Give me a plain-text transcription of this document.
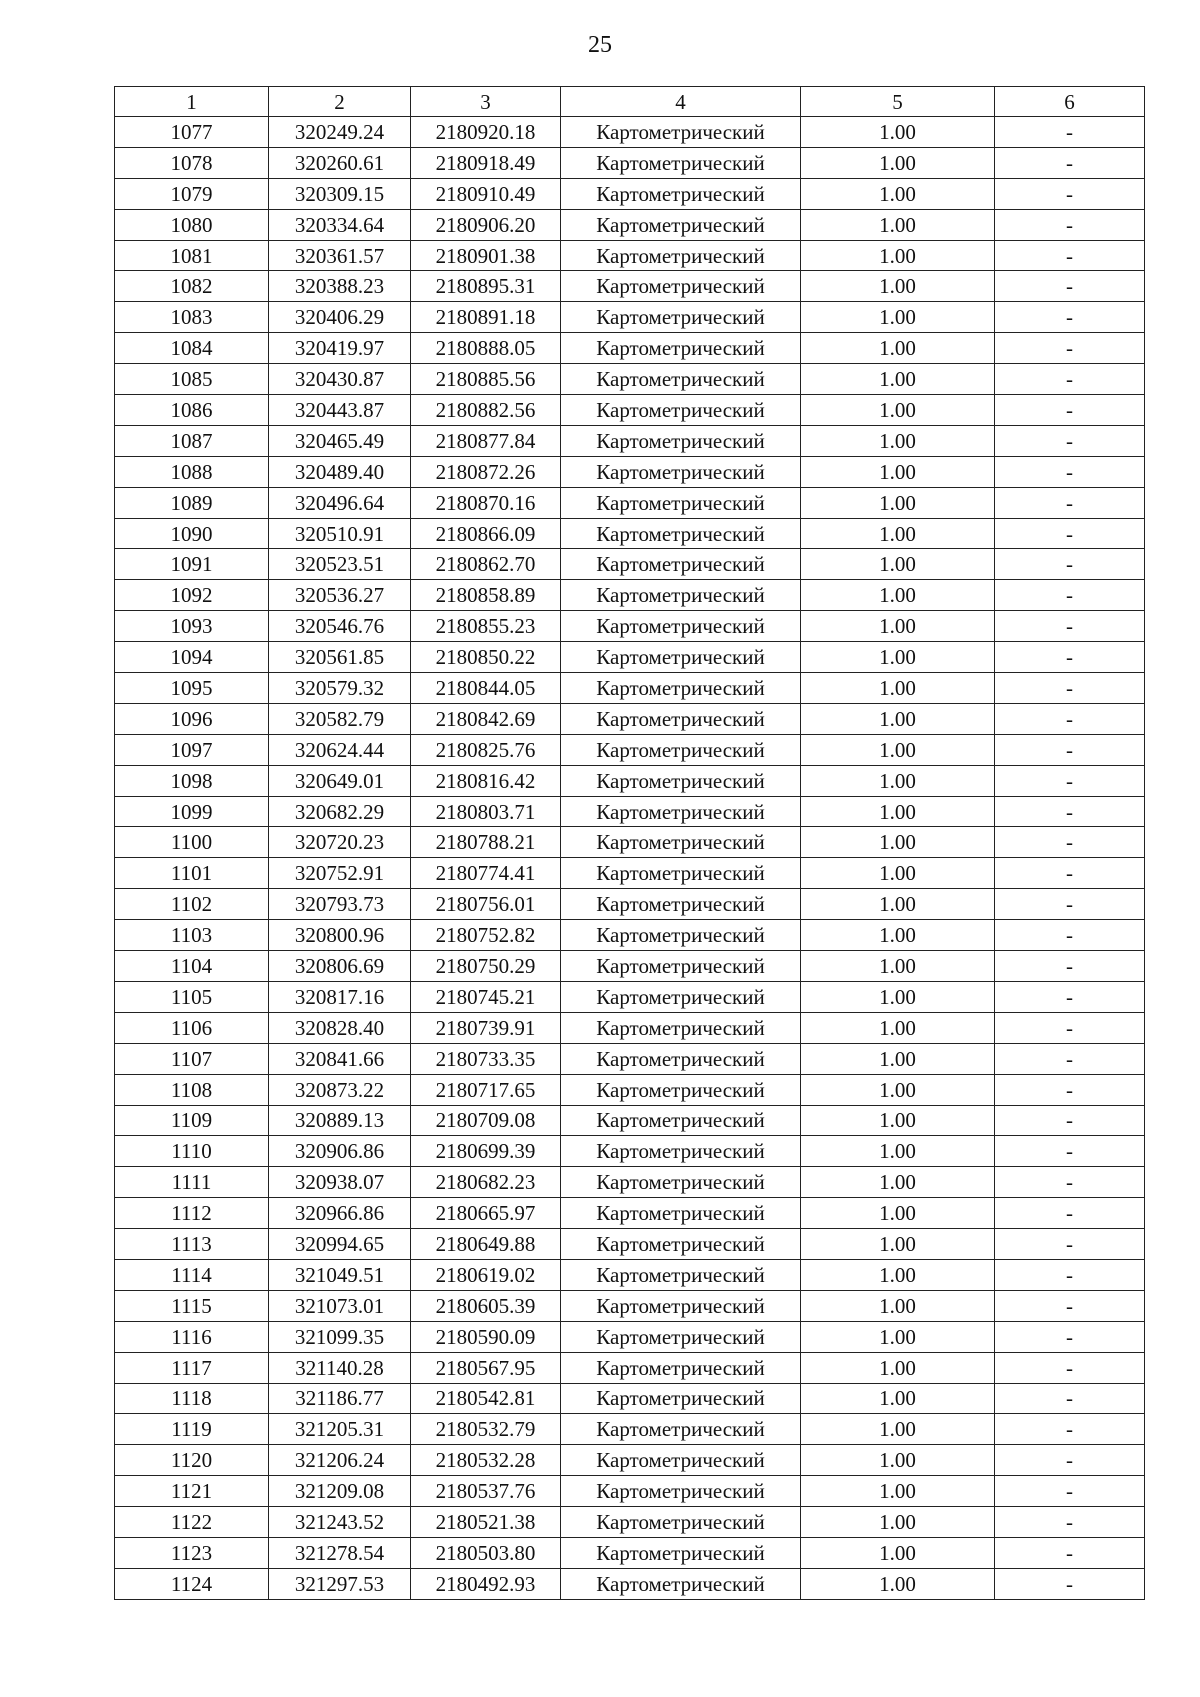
25
1	2	3	4	5	6
1077	320249.24	2180920.18	Картометрический	1.00	-
1078	320260.61	2180918.49	Картометрический	1.00	-
1079	320309.15	2180910.49	Картометрический	1.00	-
1080	320334.64	2180906.20	Картометрический	1.00	-
1081	320361.57	2180901.38	Картометрический	1.00	-
1082	320388.23	2180895.31	Картометрический	1.00	-
1083	320406.29	2180891.18	Картометрический	1.00	-
1084	320419.97	2180888.05	Картометрический	1.00	-
1085	320430.87	2180885.56	Картометрический	1.00	-
1086	320443.87	2180882.56	Картометрический	1.00	-
1087	320465.49	2180877.84	Картометрический	1.00	-
1088	320489.40	2180872.26	Картометрический	1.00	-
1089	320496.64	2180870.16	Картометрический	1.00	-
1090	320510.91	2180866.09	Картометрический	1.00	-
1091	320523.51	2180862.70	Картометрический	1.00	-
1092	320536.27	2180858.89	Картометрический	1.00	-
1093	320546.76	2180855.23	Картометрический	1.00	-
1094	320561.85	2180850.22	Картометрический	1.00	-
1095	320579.32	2180844.05	Картометрический	1.00	-
1096	320582.79	2180842.69	Картометрический	1.00	-
1097	320624.44	2180825.76	Картометрический	1.00	-
1098	320649.01	2180816.42	Картометрический	1.00	-
1099	320682.29	2180803.71	Картометрический	1.00	-
1100	320720.23	2180788.21	Картометрический	1.00	-
1101	320752.91	2180774.41	Картометрический	1.00	-
1102	320793.73	2180756.01	Картометрический	1.00	-
1103	320800.96	2180752.82	Картометрический	1.00	-
1104	320806.69	2180750.29	Картометрический	1.00	-
1105	320817.16	2180745.21	Картометрический	1.00	-
1106	320828.40	2180739.91	Картометрический	1.00	-
1107	320841.66	2180733.35	Картометрический	1.00	-
1108	320873.22	2180717.65	Картометрический	1.00	-
1109	320889.13	2180709.08	Картометрический	1.00	-
1110	320906.86	2180699.39	Картометрический	1.00	-
1111	320938.07	2180682.23	Картометрический	1.00	-
1112	320966.86	2180665.97	Картометрический	1.00	-
1113	320994.65	2180649.88	Картометрический	1.00	-
1114	321049.51	2180619.02	Картометрический	1.00	-
1115	321073.01	2180605.39	Картометрический	1.00	-
1116	321099.35	2180590.09	Картометрический	1.00	-
1117	321140.28	2180567.95	Картометрический	1.00	-
1118	321186.77	2180542.81	Картометрический	1.00	-
1119	321205.31	2180532.79	Картометрический	1.00	-
1120	321206.24	2180532.28	Картометрический	1.00	-
1121	321209.08	2180537.76	Картометрический	1.00	-
1122	321243.52	2180521.38	Картометрический	1.00	-
1123	321278.54	2180503.80	Картометрический	1.00	-
1124	321297.53	2180492.93	Картометрический	1.00	-
